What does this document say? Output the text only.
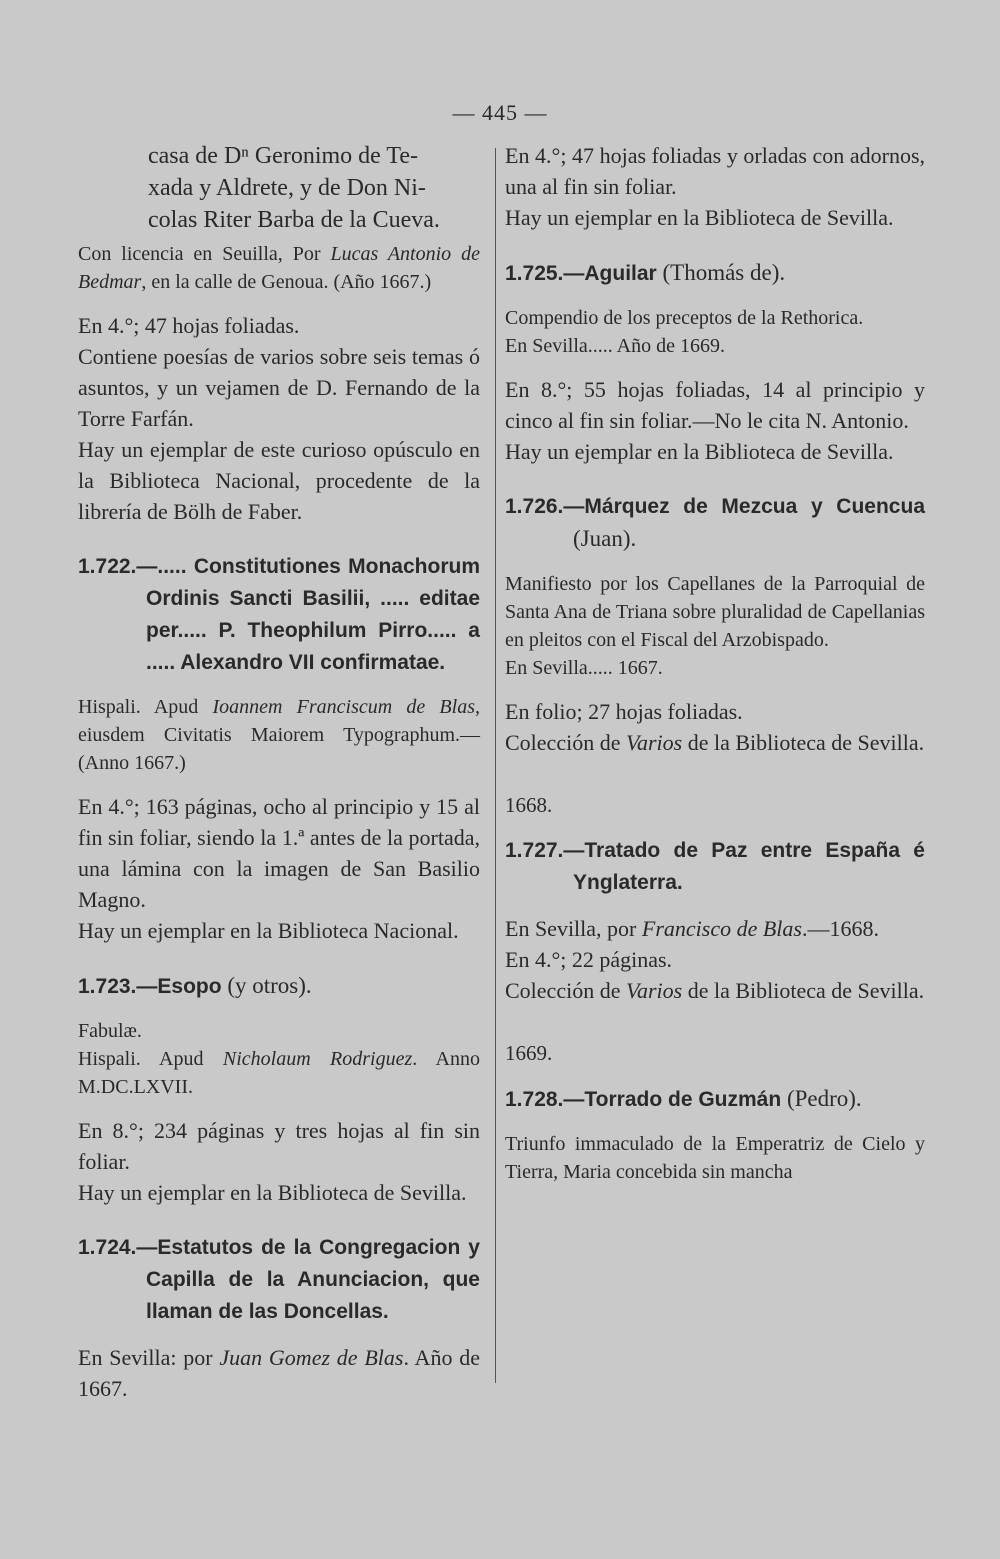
— 445 —

casa de Dⁿ Geronimo de Te-

xada y Aldrete, y de Don Ni-

colas Riter Barba de la Cueva.

Con licencia en Seuilla, Por Lucas Antonio de Bedmar, en la calle de Genoua. (Año 1667.)

En 4.°; 47 hojas foliadas.

Contiene poesías de varios sobre seis temas ó asuntos, y un vejamen de D. Fernando de la Torre Farfán.

Hay un ejemplar de este curioso opúsculo en la Biblioteca Nacional, procedente de la librería de Bölh de Faber.

1.722.—..... Constitutiones Monachorum Ordinis Sancti Basilii, ..... editae per..... P. Theophilum Pirro..... a ..... Alexandro VII confirmatae.

Hispali. Apud Ioannem Franciscum de Blas, eiusdem Civitatis Maiorem Typographum.— (Anno 1667.)

En 4.°; 163 páginas, ocho al principio y 15 al fin sin foliar, siendo la 1.ª antes de la portada, una lámina con la imagen de San Basilio Magno.

Hay un ejemplar en la Biblioteca Nacional.

1.723.—Esopo (y otros).

Fabulæ.

Hispali. Apud Nicholaum Rodriguez. Anno M.DC.LXVII.

En 8.°; 234 páginas y tres hojas al fin sin foliar.

Hay un ejemplar en la Biblioteca de Sevilla.

1.724.—Estatutos de la Congregacion y Capilla de la Anunciacion, que llaman de las Doncellas.

En Sevilla: por Juan Gomez de Blas. Año de 1667.

En 4.°; 47 hojas foliadas y orladas con adornos, una al fin sin foliar.

Hay un ejemplar en la Biblioteca de Sevilla.

1.725.—Aguilar (Thomás de).

Compendio de los preceptos de la Rethorica.

En Sevilla..... Año de 1669.

En 8.°; 55 hojas foliadas, 14 al principio y cinco al fin sin foliar.—No le cita N. Antonio.

Hay un ejemplar en la Biblioteca de Sevilla.

1.726.—Márquez de Mezcua y Cuencua (Juan).

Manifiesto por los Capellanes de la Parroquial de Santa Ana de Triana sobre pluralidad de Capellanias en pleitos con el Fiscal del Arzobispado.

En Sevilla..... 1667.

En folio; 27 hojas foliadas.

Colección de Varios de la Biblioteca de Sevilla.

1668.

1.727.—Tratado de Paz entre España é Ynglaterra.

En Sevilla, por Francisco de Blas.—1668.

En 4.°; 22 páginas.

Colección de Varios de la Biblioteca de Sevilla.

1669.

1.728.—Torrado de Guzmán (Pedro).

Triunfo immaculado de la Emperatriz de Cielo y Tierra, Maria concebida sin mancha
